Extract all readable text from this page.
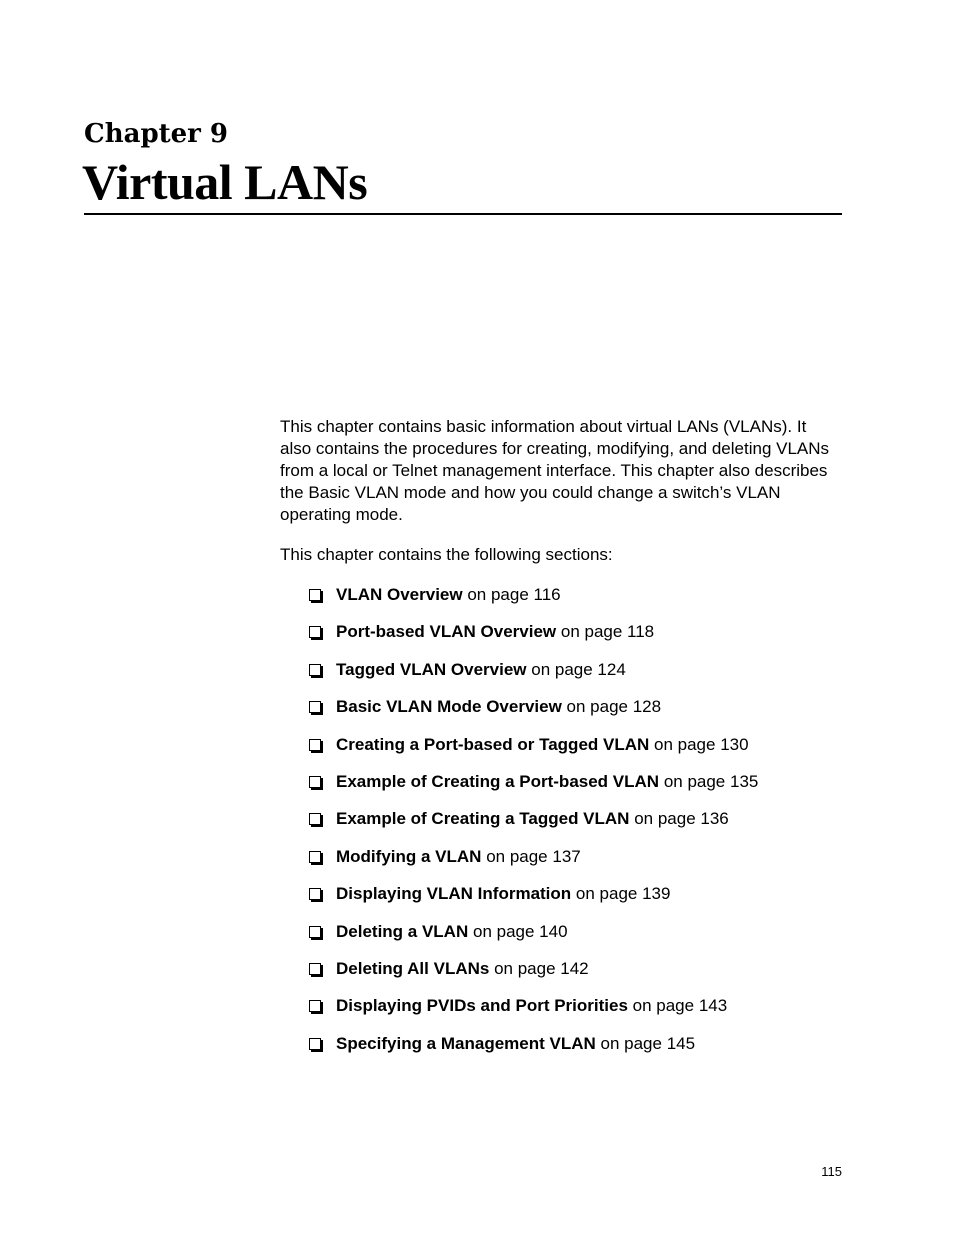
Chapter 9
Virtual LANs

This chapter contains basic information about virtual LANs (VLANs). It also contains the procedures for creating, modifying, and deleting VLANs from a local or Telnet management interface. This chapter also describes the Basic VLAN mode and how you could change a switch’s VLAN operating mode.

This chapter contains the following sections:

VLAN Overview
on page 116
Port-based VLAN Overview
on page 118
Tagged VLAN Overview
on page 124
Basic VLAN Mode Overview
on page 128
Creating a Port-based or Tagged VLAN
on page 130
Example of Creating a Port-based VLAN
on page 135
Example of Creating a Tagged VLAN
on page 136
Modifying a VLAN
on page 137
Displaying VLAN Information
on page 139
Deleting a VLAN
on page 140
Deleting All VLANs
on page 142
Displaying PVIDs and Port Priorities
on page 143
Specifying a Management VLAN
on page 145

115
